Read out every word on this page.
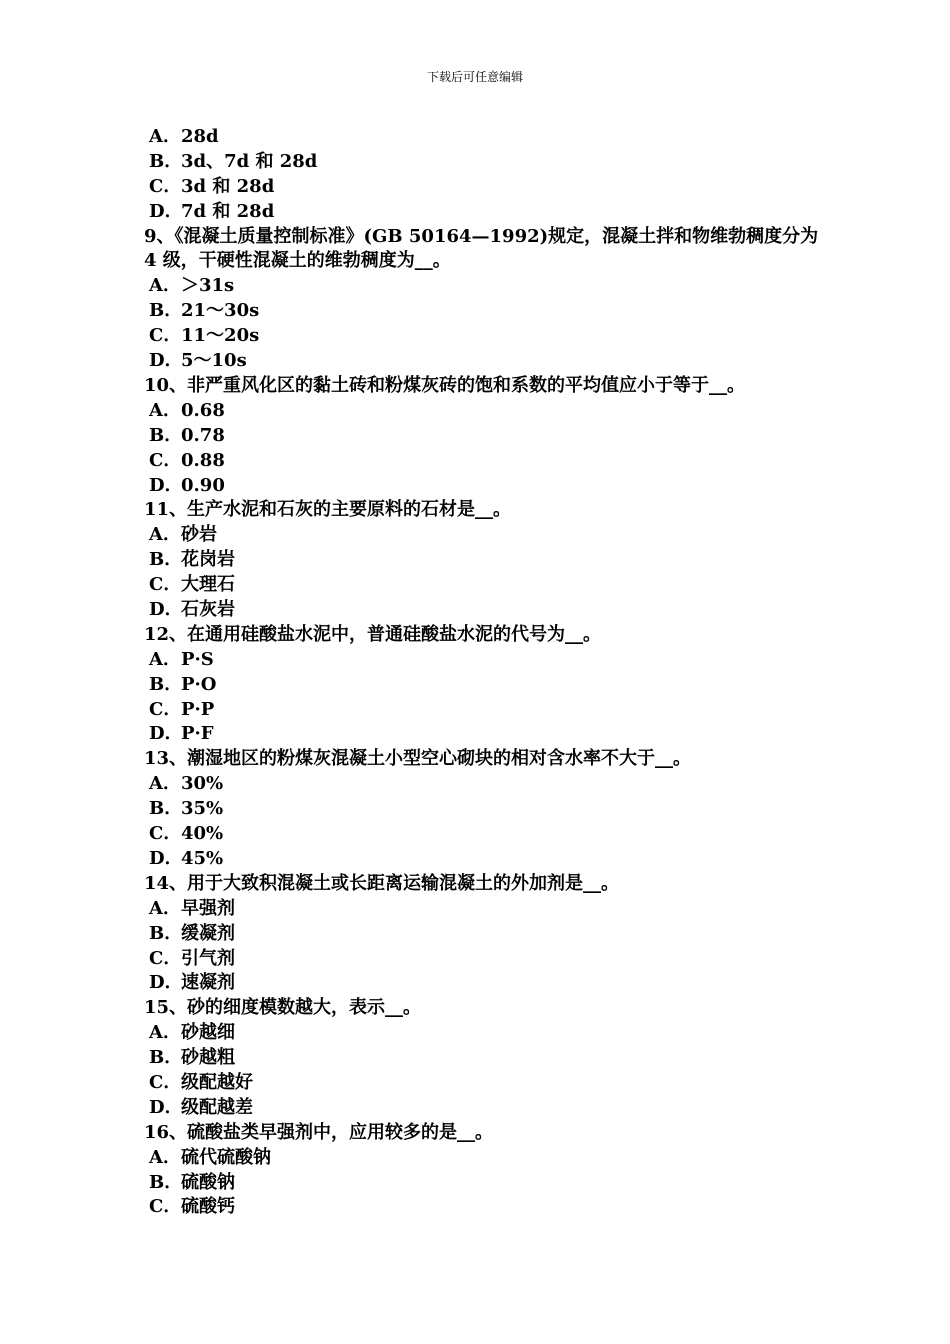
下载后可任意编辑
A．28d
B．3d、7d 和 28d
C．3d 和 28d
D．7d 和 28d
9、《混凝土质量控制标准》(GB 50164—1992)规定，混凝土拌和物维勃稠度分为 4 级，干硬性混凝土的维勃稠度为__。
A．＞31s
B．21～30s
C．11～20s
D．5～10s
10、非严重风化区的黏土砖和粉煤灰砖的饱和系数的平均值应小于等于__。
A．0.68
B．0.78
C．0.88
D．0.90
11、生产水泥和石灰的主要原料的石材是__。
A．砂岩
B．花岗岩
C．大理石
D．石灰岩
12、在通用硅酸盐水泥中，普通硅酸盐水泥的代号为__。
A．P·S
B．P·O
C．P·P
D．P·F
13、潮湿地区的粉煤灰混凝土小型空心砌块的相对含水率不大于__。
A．30%
B．35%
C．40%
D．45%
14、用于大致积混凝土或长距离运输混凝土的外加剂是__。
A．早强剂
B．缓凝剂
C．引气剂
D．速凝剂
15、砂的细度模数越大，表示__。
A．砂越细
B．砂越粗
C．级配越好
D．级配越差
16、硫酸盐类早强剂中，应用较多的是__。
A．硫代硫酸钠
B．硫酸钠
C．硫酸钙
